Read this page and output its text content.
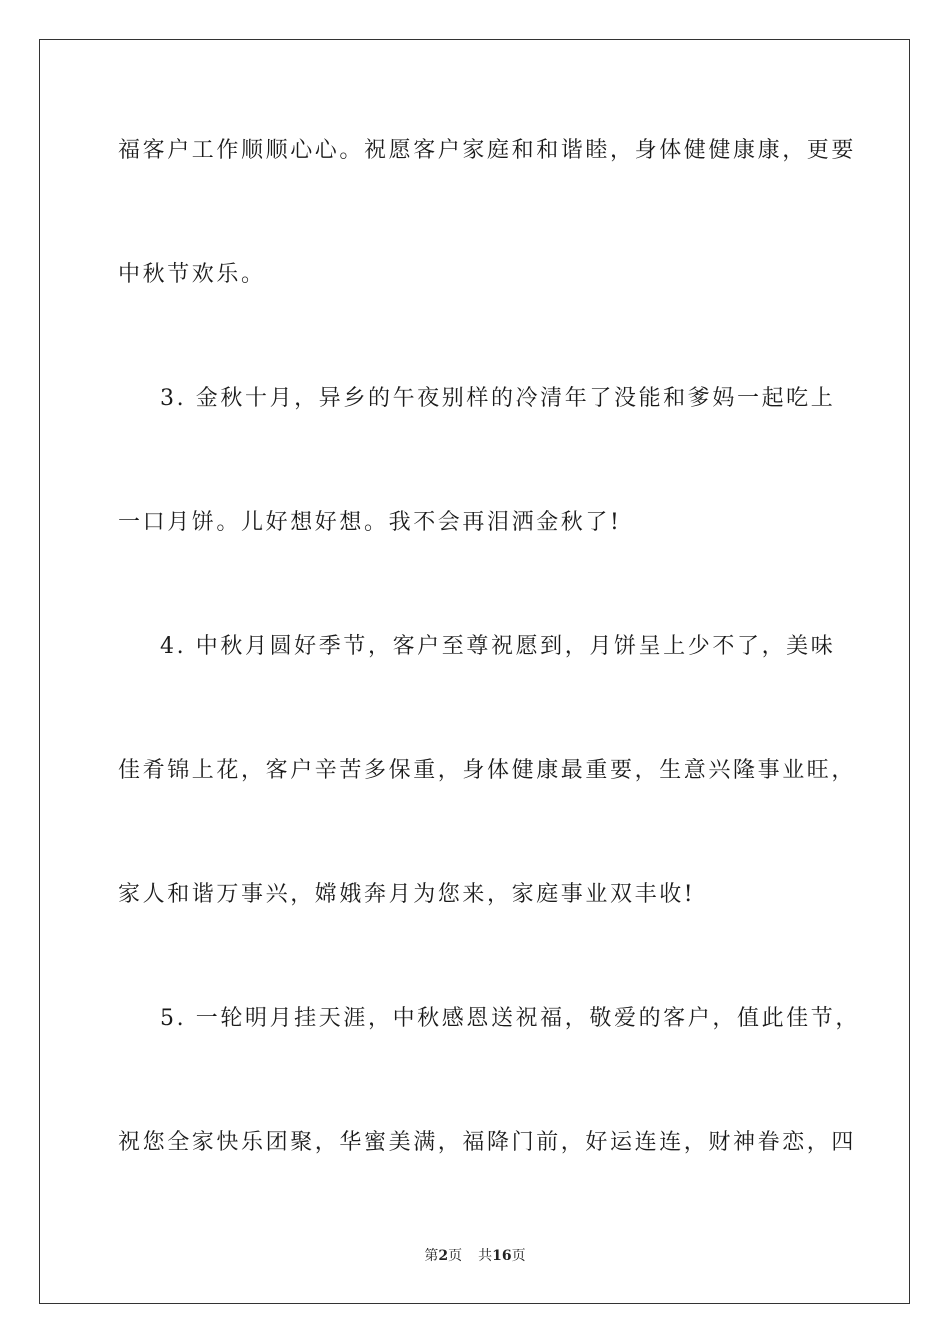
福客户工作顺顺心心。祝愿客户家庭和和谐睦，身体健健康康，更要
中秋节欢乐。
3. 金秋十月，异乡的午夜别样的冷清年了没能和爹妈一起吃上
一口月饼。儿好想好想。我不会再泪洒金秋了!
4. 中秋月圆好季节，客户至尊祝愿到，月饼呈上少不了，美味
佳肴锦上花，客户辛苦多保重，身体健康最重要，生意兴隆事业旺，
家人和谐万事兴，嫦娥奔月为您来，家庭事业双丰收!
5. 一轮明月挂天涯，中秋感恩送祝福，敬爱的客户，值此佳节，
祝您全家快乐团聚，华蜜美满，福降门前，好运连连，财神眷恋，四
第2页 共16页
